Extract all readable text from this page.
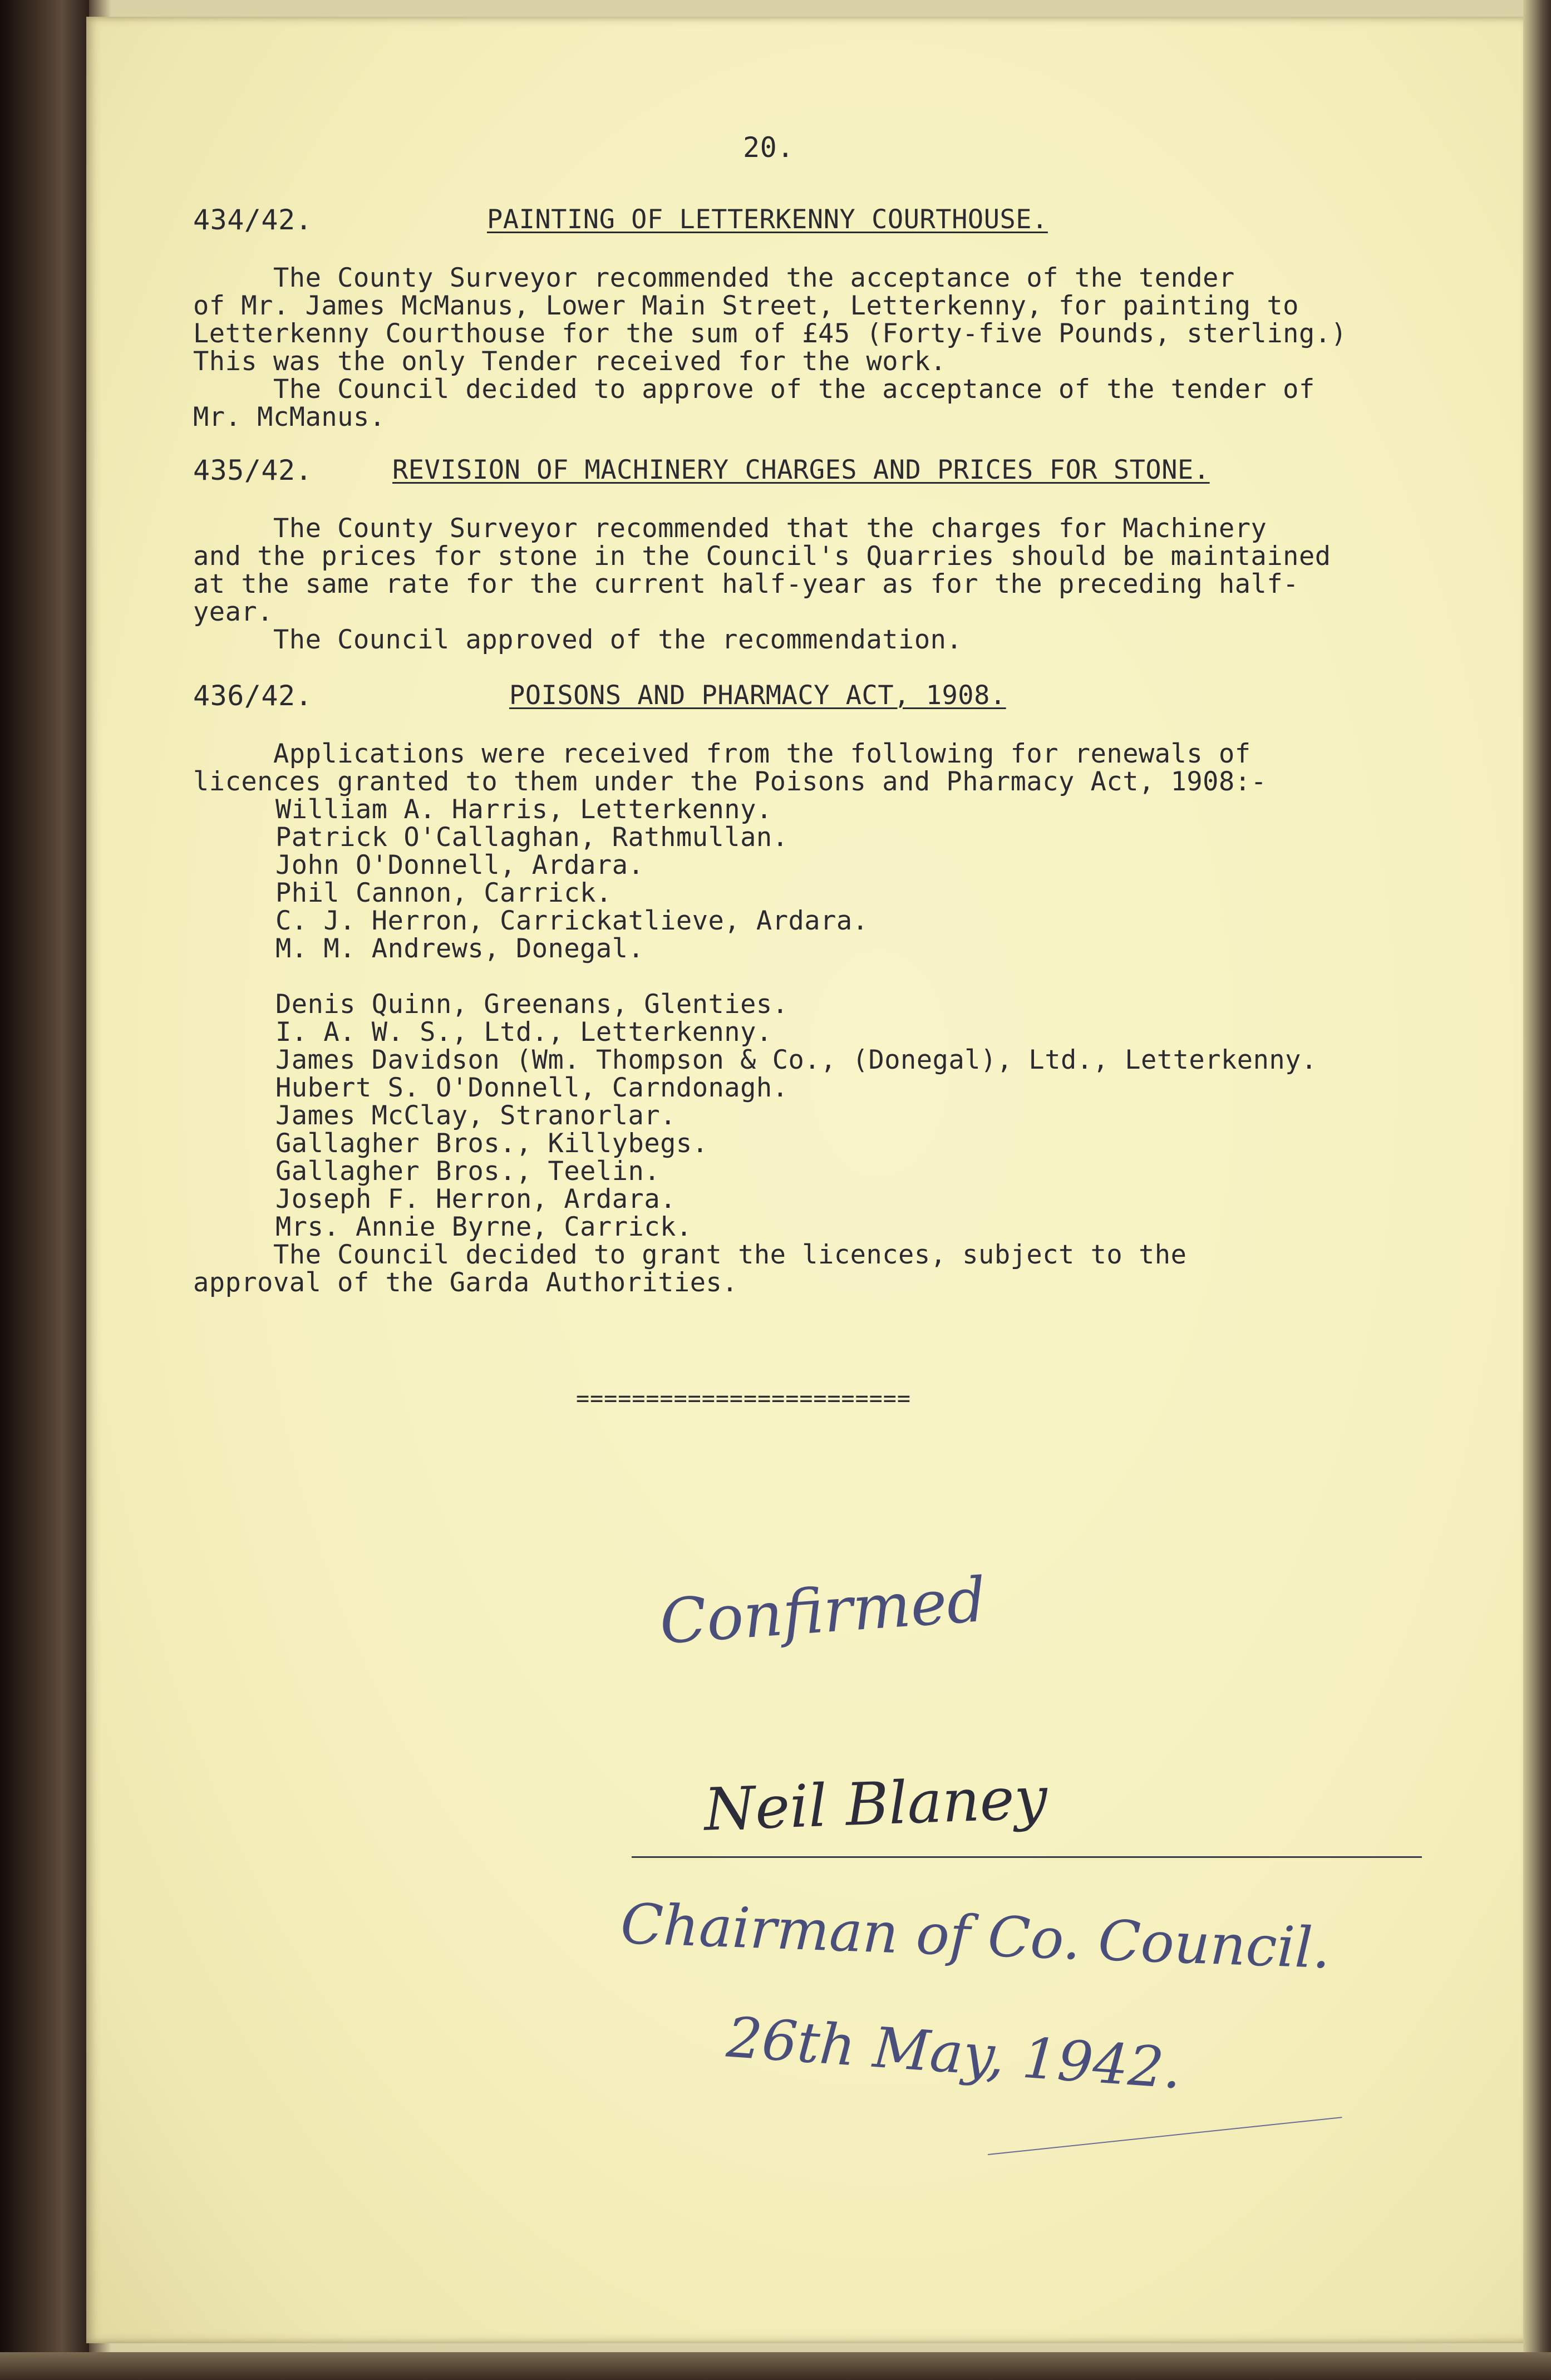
20.
434/42.	PAINTING OF LETTERKENNY COURTHOUSE.
The County Surveyor recommended the acceptance of the tender
of Mr. James McManus, Lower Main Street, Letterkenny, for painting to
Letterkenny Courthouse for the sum of £45 (Forty-five Pounds, sterling.)
This was the only Tender received for the work.
The Council decided to approve of the acceptance of the tender of
Mr. McManus.
435/42.	REVISION OF MACHINERY CHARGES AND PRICES FOR STONE.
The County Surveyor recommended that the charges for Machinery
and the prices for stone in the Council's Quarries should be maintained
at the same rate for the current half-year as for the preceding half-
year.
The Council approved of the recommendation.
436/42.	POISONS AND PHARMACY ACT, 1908.
Applications were received from the following for renewals of
licences granted to them under the Poisons and Pharmacy Act, 1908:-
William A. Harris, Letterkenny.
Patrick O'Callaghan, Rathmullan.
John O'Donnell, Ardara.
Phil Cannon, Carrick.
C. J. Herron, Carrickatlieve, Ardara.
M. M. Andrews, Donegal.
Denis Quinn, Greenans, Glenties.
I. A. W. S., Ltd., Letterkenny.
James Davidson (Wm. Thompson & Co., (Donegal), Ltd., Letterkenny.
Hubert S. O'Donnell, Carndonagh.
James McClay, Stranorlar.
Gallagher Bros., Killybegs.
Gallagher Bros., Teelin.
Joseph F. Herron, Ardara.
Mrs. Annie Byrne, Carrick.
The Council decided to grant the licences, subject to the
approval of the Garda Authorities.
========================
Confirmed
Neil Blaney
Chairman of Co. Council.
26th May, 1942.
